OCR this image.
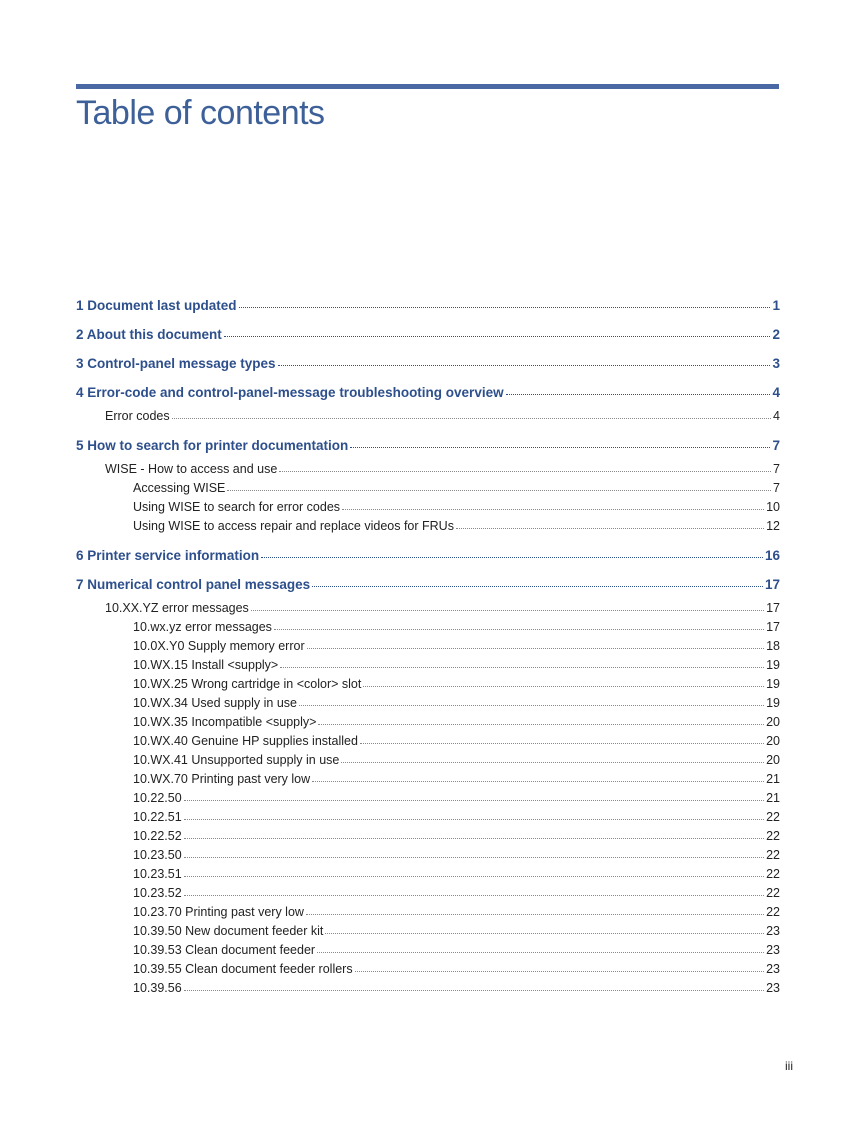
Table of contents
1 Document last updated	1
2 About this document	2
3 Control-panel message types	3
4 Error-code and control-panel-message troubleshooting overview	4
Error codes	4
5 How to search for printer documentation	7
WISE - How to access and use	7
Accessing WISE	7
Using WISE to search for error codes	10
Using WISE to access repair and replace videos for FRUs	12
6 Printer service information	16
7 Numerical control panel messages	17
10.XX.YZ error messages	17
10.wx.yz error messages	17
10.0X.Y0 Supply memory error	18
10.WX.15 Install <supply>	19
10.WX.25 Wrong cartridge in <color> slot	19
10.WX.34 Used supply in use	19
10.WX.35 Incompatible <supply>	20
10.WX.40 Genuine HP supplies installed	20
10.WX.41 Unsupported supply in use	20
10.WX.70 Printing past very low	21
10.22.50	21
10.22.51	22
10.22.52	22
10.23.50	22
10.23.51	22
10.23.52	22
10.23.70 Printing past very low	22
10.39.50 New document feeder kit	23
10.39.53 Clean document feeder	23
10.39.55 Clean document feeder rollers	23
10.39.56	23
iii
